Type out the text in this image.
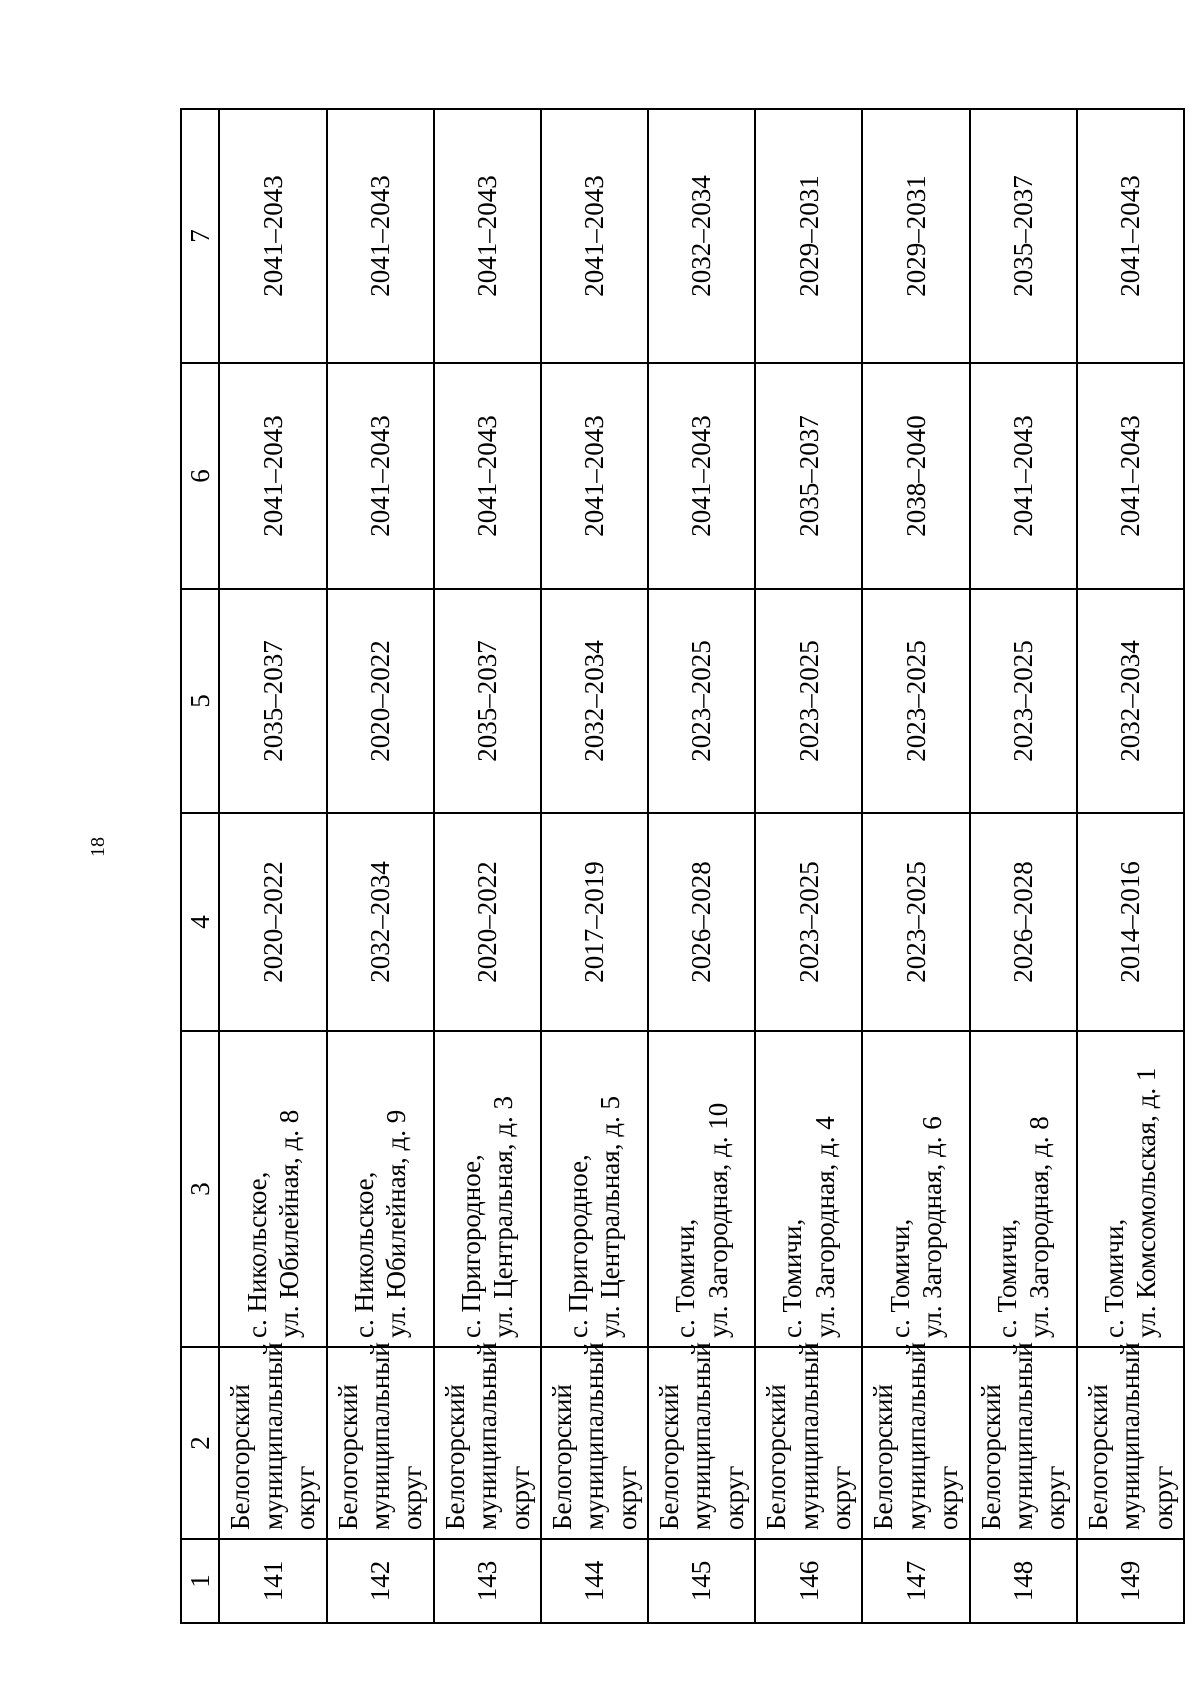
18
1	2	3	4	5	6	7
141	Белогорский муниципальный округ	с. Никольское, ул. Юбилейная, д. 8	2020–2022	2035–2037	2041–2043	2041–2043
142	Белогорский муниципальный округ	с. Никольское, ул. Юбилейная, д. 9	2032–2034	2020–2022	2041–2043	2041–2043
143	Белогорский муниципальный округ	с. Пригородное, ул. Центральная, д. 3	2020–2022	2035–2037	2041–2043	2041–2043
144	Белогорский муниципальный округ	с. Пригородное, ул. Центральная, д. 5	2017–2019	2032–2034	2041–2043	2041–2043
145	Белогорский муниципальный округ	с. Томичи, ул. Загородная, д. 10	2026–2028	2023–2025	2041–2043	2032–2034
146	Белогорский муниципальный округ	с. Томичи, ул. Загородная, д. 4	2023–2025	2023–2025	2035–2037	2029–2031
147	Белогорский муниципальный округ	с. Томичи, ул. Загородная, д. 6	2023–2025	2023–2025	2038–2040	2029–2031
148	Белогорский муниципальный округ	с. Томичи, ул. Загородная, д. 8	2026–2028	2023–2025	2041–2043	2035–2037
149	Белогорский муниципальный округ	с. Томичи, ул. Комсомольская, д. 1	2014–2016	2032–2034	2041–2043	2041–2043
